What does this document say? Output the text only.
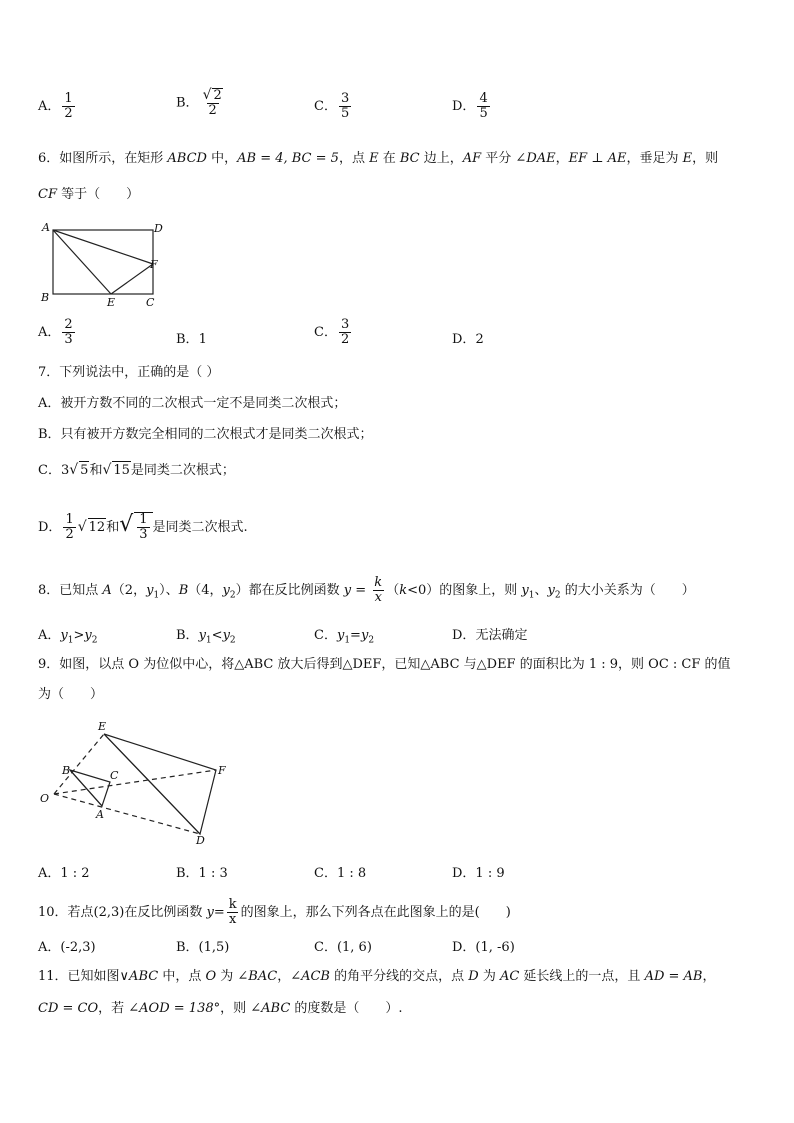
A． $\frac{1}{2}$	B． $\frac{√ 2}{2}$	C． $\frac{3}{5}$	D． $\frac{4}{5}$
6．如图所示，在矩形 ABCD 中，AB = 4, BC = 5，点 E 在 BC 边上，AF 平分 ∠DAE，EF ⊥ AE，垂足为 E，则
CF 等于（　　）
A	D
F
B	E	C
A． $\frac{2}{3}$	B．1	C． $\frac{3}{2}$	D．2
7．下列说法中，正确的是（ ）
A．被开方数不同的二次根式一定不是同类二次根式；
B．只有被开方数完全相同的二次根式才是同类二次根式；
C．3√ 5和√ 15是同类二次根式；
D． $\frac{1}{2}$ √ 12和√ $\frac{1}{3}$ 是同类二次根式.
8．已知点 A（2，$y_1$）、B（4，$y_2$）都在反比例函数 $y = \frac{k}{x} (k<0)$的图象上，则 $y_1$、$y_2$ 的大小关系为（　　）
A．$y_1>y_2$	B．$y_1<y_2$	C．$y_1=y_2$	D．无法确定
9．如图，以点 O 为位似中心，将△ABC 放大后得到△DEF，已知△ABC 与△DEF 的面积比为 1 : 9，则 OC : CF 的值
为（　　）
E
B	C	F
O
A
D
A．1 : 2	B．1 : 3	C．1 : 8	D．1 : 9
10．若点(2,3)在反比例函数 $y= \frac{k}{x}$ 的图象上，那么下列各点在此图象上的是(　　)
A．(-2,3)	B．(1,5)	C．(1, 6)	D．(1, -6)
11．已知如图∨ABC 中，点 O 为 ∠BAC，∠ACB 的角平分线的交点，点 D 为 AC 延长线上的一点，且 AD = AB，
CD = CO，若 ∠AOD = 138°，则 ∠ABC 的度数是（　　）.
